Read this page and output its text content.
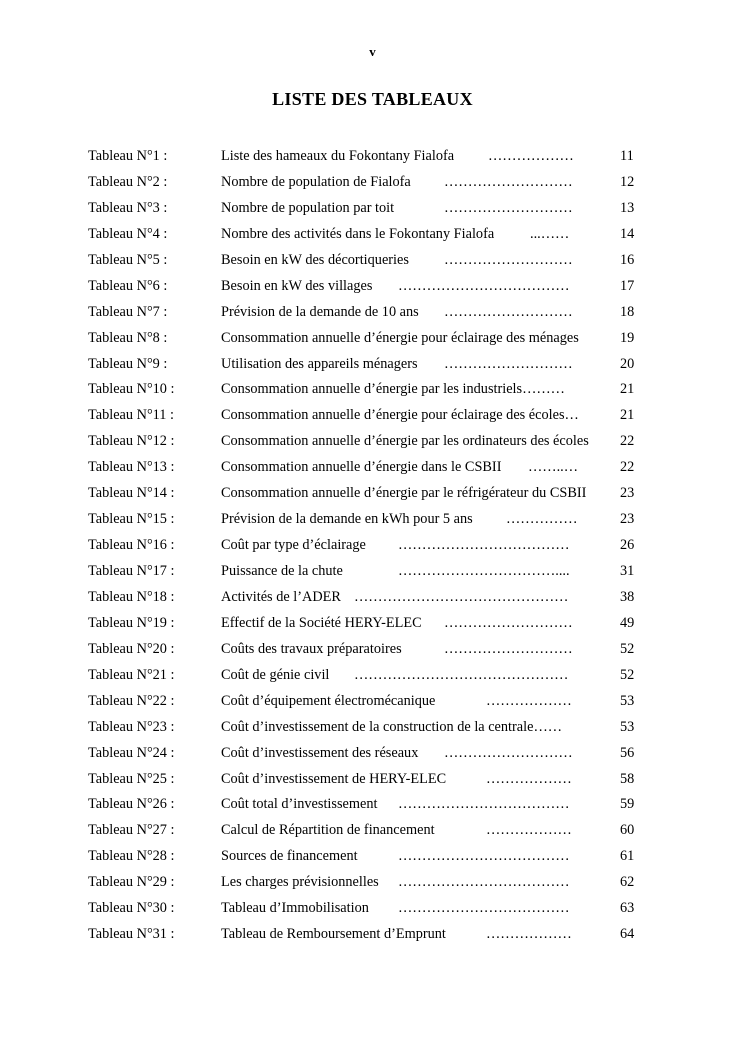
v
LISTE DES TABLEAUX
Tableau N°1 :	Liste des hameaux du Fokontany Fialofa ………………	11
Tableau N°2 :	Nombre de population de Fialofa ………………………	12
Tableau N°3 :	Nombre de population par toit	………………………	13
Tableau N°4 :	Nombre des activités dans le Fokontany Fialofa	...……	14
Tableau N°5 :	Besoin en kW des décortiqueries ………………………	16
Tableau N°6 :	Besoin en kW des villages ………………………………	17
Tableau N°7 :	Prévision de la demande de 10 ans ………………………	18
Tableau N°8 :	Consommation annuelle d’énergie pour éclairage des ménages	19
Tableau N°9 :	Utilisation des appareils ménagers ………………………	20
Tableau N°10 :	Consommation annuelle d’énergie par les industriels………	21
Tableau N°11 :	Consommation annuelle d’énergie pour éclairage des écoles…	21
Tableau N°12 :	Consommation annuelle d’énergie par les ordinateurs des écoles 22
Tableau N°13 :	Consommation annuelle d’énergie dans le CSBII ……..…	22
Tableau N°14 :	Consommation annuelle d’énergie par le réfrigérateur du CSBII 23
Tableau N°15 :	Prévision de la demande en kWh pour 5 ans ……………	23
Tableau N°16 :	Coût par type d’éclairage ………………………………	26
Tableau N°17 :	Puissance de la chute	……………………………....	31
Tableau N°18 :	Activités de l’ADER ………………………………………	38
Tableau N°19 :	Effectif de la Société HERY-ELEC ………………………	49
Tableau N°20 :	Coûts des travaux préparatoires	………………………	52
Tableau N°21 :	Coût de génie civil ………………………………………	52
Tableau N°22 :	Coût d’équipement électromécanique	………………	53
Tableau N°23 :	Coût d’investissement de la construction de la centrale……	53
Tableau N°24 :	Coût d’investissement des réseaux ………………………	56
Tableau N°25 :	Coût d’investissement de HERY-ELEC	………………	58
Tableau N°26 :	Coût total d’investissement ………………………………	59
Tableau N°27 :	Calcul de Répartition de financement	………………	60
Tableau N°28 :	Sources de financement	………………………………	61
Tableau N°29 :	Les charges prévisionnelles ………………………………	62
Tableau N°30 :	Tableau d’Immobilisation ………………………………	63
Tableau N°31 :	Tableau de Remboursement d’Emprunt	………………	64
